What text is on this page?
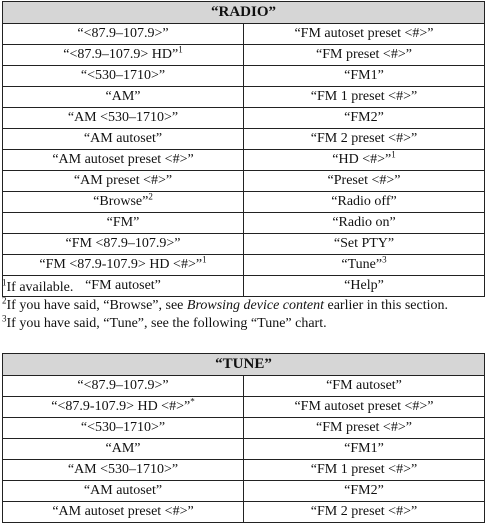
“RADIO”	
“<87.9–107.9>”	“FM autoset preset <#>”
“<87.9–107.9> HD”$^1$	“FM preset <#>”
“<530–1710>”	“FM1”
“AM”	“FM 1 preset <#>”
“AM <530–1710>”	“FM2”
“AM autoset”	“FM 2 preset <#>”
“AM autoset preset <#>”	“HD <#>”$^1$
“AM preset <#>”	“Preset <#>”
“Browse”$^2$	“Radio off”
“FM”	“Radio on”
“FM <87.9–107.9>”	“Set PTY”
“FM <87.9-107.9> HD <#>”$^1$	“Tune”$^3$
“FM autoset”	“Help”
$^1$If available.
$^2$If you have said, “Browse”, see Browsing device content earlier in this section.
$^3$If you have said, “Tune”, see the following “Tune” chart.
“TUNE”	
“<87.9–107.9>”	“FM autoset”
“<87.9-107.9> HD <#>”*	“FM autoset preset <#>”
“<530–1710>”	“FM preset <#>”
“AM”	“FM1”
“AM <530–1710>”	“FM 1 preset <#>”
“AM autoset”	“FM2”
“AM autoset preset <#>”	“FM 2 preset <#>”
